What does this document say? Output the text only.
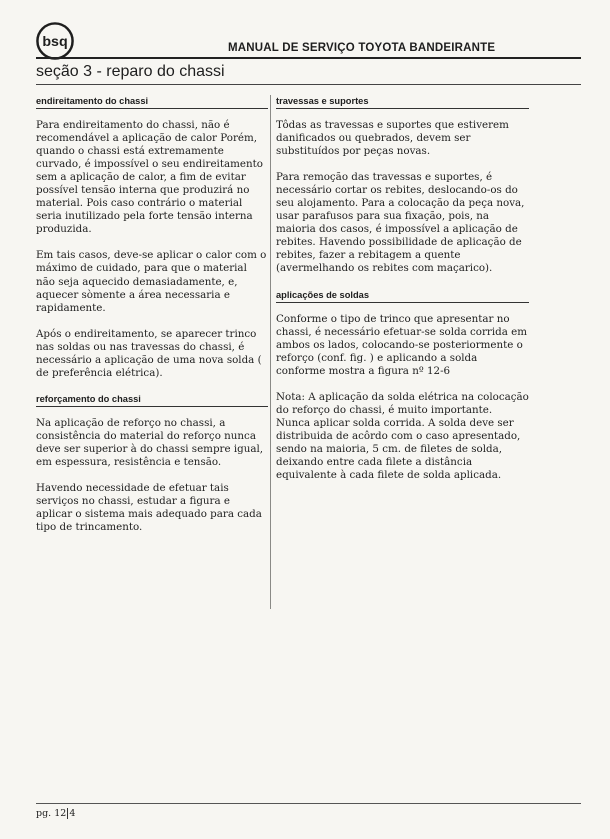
bsq	MANUAL DE SERVIÇO TOYOTA BANDEIRANTE
seção 3 - reparo do chassi
endireitamento do chassi

Para endireitamento do chassi, não é recomendável a aplicação de calor Porém, quando o chassi está extremamente curvado, é impossível o seu endireitamento sem a aplicação de calor, a fim de evitar possível tensão interna que produzirá no material. Pois caso contrário o material seria inutilizado pela forte tensão interna produzida.

Em tais casos, deve-se aplicar o calor com o máximo de cuidado, para que o material não seja aquecido demasiadamente, e, aquecer sòmente a área necessaria e rapidamente.

Após o endireitamento, se aparecer trinco nas soldas ou nas travessas do chassi, é necessário a aplicação de uma nova solda ( de preferência elétrica).

reforçamento do chassi

Na aplicação de reforço no chassi, a consistência do material do reforço nunca deve ser superior à do chassi sempre igual, em espessura, resistência e tensão.

Havendo necessidade de efetuar tais serviços no chassi, estudar a figura e aplicar o sistema mais adequado para cada tipo de trincamento.

travessas e suportes

Tôdas as travessas e suportes que estiverem danificados ou quebrados, devem ser substituídos por peças novas.

Para remoção das travessas e suportes, é necessário cortar os rebites, deslocando-os do seu alojamento. Para a colocação da peça nova, usar parafusos para sua fixação, pois, na maioria dos casos, é impossível a aplicação de rebites. Havendo possibilidade de aplicação de rebites, fazer a rebitagem a quente (avermelhando os rebites com maçarico).

aplicações de soldas

Conforme o tipo de trinco que apresentar no chassi, é necessário efetuar-se solda corrida em ambos os lados, colocando-se posteriormente o reforço (conf. fig. ) e aplicando a solda conforme mostra a figura nº 12-6

Nota: A aplicação da solda elétrica na colocação do reforço do chassi, é muito importante. Nunca aplicar solda corrida. A solda deve ser distribuida de acôrdo com o caso apresentado, sendo na maioria, 5 cm. de filetes de solda, deixando entre cada filete a distância equivalente à cada filete de solda aplicada.

pg. 12 4
